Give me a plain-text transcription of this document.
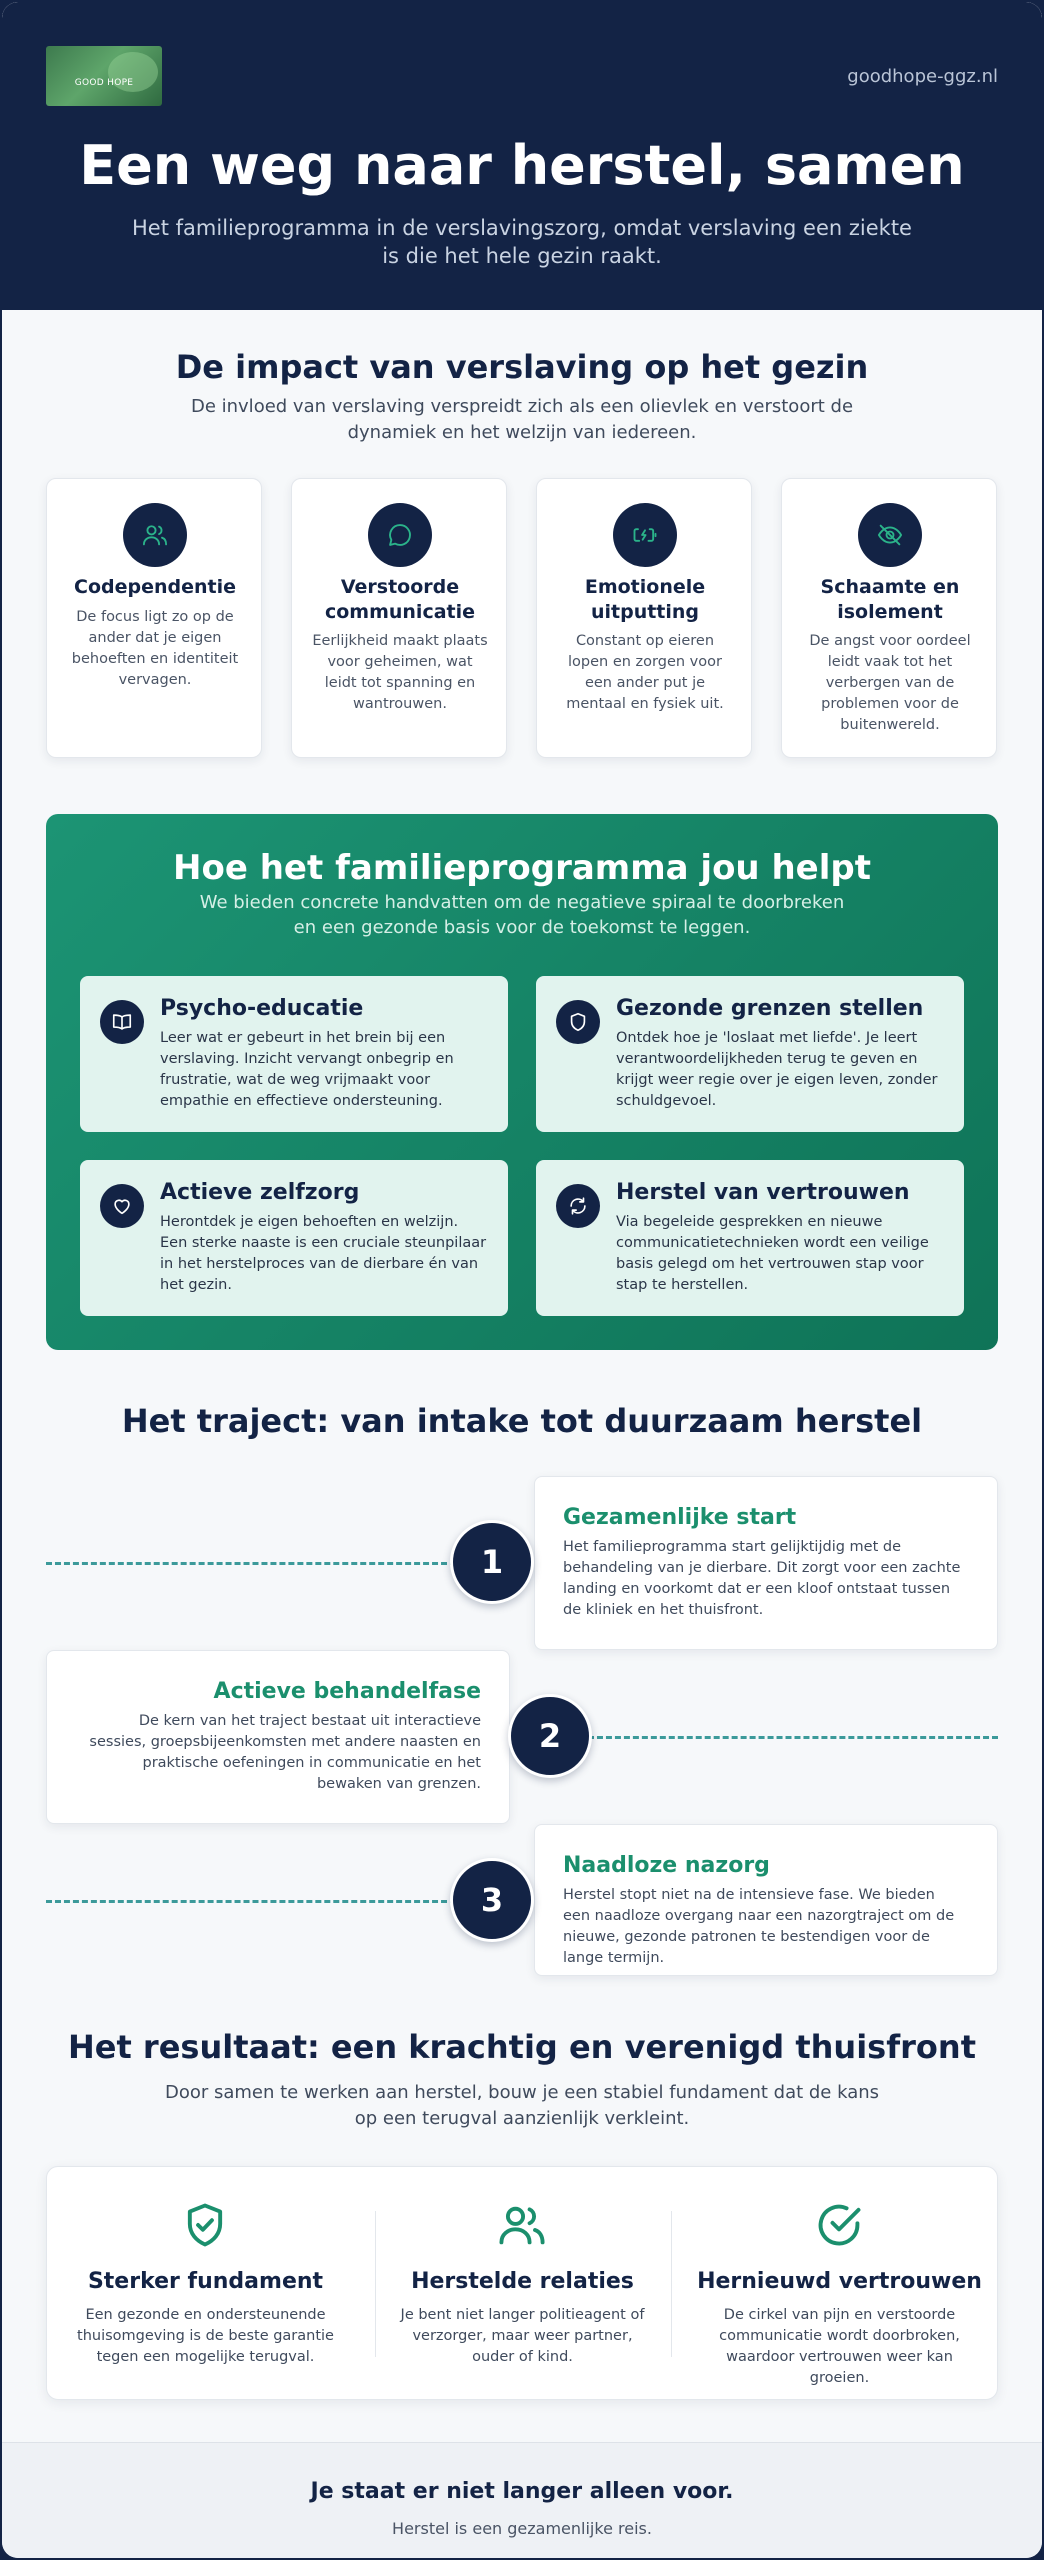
GOOD HOPE	goodhope-ggz.nl
Een weg naar herstel, samen

Het familieprogramma in de verslavingszorg, omdat verslaving een ziekte is die het hele gezin raakt.

De impact van verslaving op het gezin

De invloed van verslaving verspreidt zich als een olievlek en verstoort de dynamiek en het welzijn van iedereen.

Codependentie
De focus ligt zo op de ander dat je eigen behoeften en identiteit vervagen.
Verstoorde communicatie
Eerlijkheid maakt plaats voor geheimen, wat leidt tot spanning en wantrouwen.
Emotionele uitputting
Constant op eieren lopen en zorgen voor een ander put je mentaal en fysiek uit.
Schaamte en isolement
De angst voor oordeel leidt vaak tot het verbergen van de problemen voor de buitenwereld.
Hoe het familieprogramma jou helpt

We bieden concrete handvatten om de negatieve spiraal te doorbreken en een gezonde basis voor de toekomst te leggen.

Psycho-educatie
Leer wat er gebeurt in het brein bij een verslaving. Inzicht vervangt onbegrip en frustratie, wat de weg vrijmaakt voor empathie en effectieve ondersteuning.
Gezonde grenzen stellen
Ontdek hoe je 'loslaat met liefde'. Je leert verantwoordelijkheden terug te geven en krijgt weer regie over je eigen leven, zonder schuldgevoel.
Actieve zelfzorg
Herontdek je eigen behoeften en welzijn. Een sterke naaste is een cruciale steunpilaar in het herstelproces van de dierbare én van het gezin.
Herstel van vertrouwen
Via begeleide gesprekken en nieuwe communicatietechnieken wordt een veilige basis gelegd om het vertrouwen stap voor stap te herstellen.
Het traject: van intake tot duurzaam herstel
Gezamenlijke start
Het familieprogramma start gelijktijdig met de behandeling van je dierbare. Dit zorgt voor een zachte landing en voorkomt dat er een kloof ontstaat tussen de kliniek en het thuisfront.
1
Actieve behandelfase
De kern van het traject bestaat uit interactieve sessies, groepsbijeenkomsten met andere naasten en praktische oefeningen in communicatie en het bewaken van grenzen.
2
Naadloze nazorg
Herstel stopt niet na de intensieve fase. We bieden een naadloze overgang naar een nazorgtraject om de nieuwe, gezonde patronen te bestendigen voor de lange termijn.
3
Het resultaat: een krachtig en verenigd thuisfront

Door samen te werken aan herstel, bouw je een stabiel fundament dat de kans op een terugval aanzienlijk verkleint.

Sterker fundament
Een gezonde en ondersteunende thuisomgeving is de beste garantie tegen een mogelijke terugval.
Herstelde relaties
Je bent niet langer politieagent of verzorger, maar weer partner, ouder of kind.
Hernieuwd vertrouwen
De cirkel van pijn en verstoorde communicatie wordt doorbroken, waardoor vertrouwen weer kan groeien.
Je staat er niet langer alleen voor.
Herstel is een gezamenlijke reis.
